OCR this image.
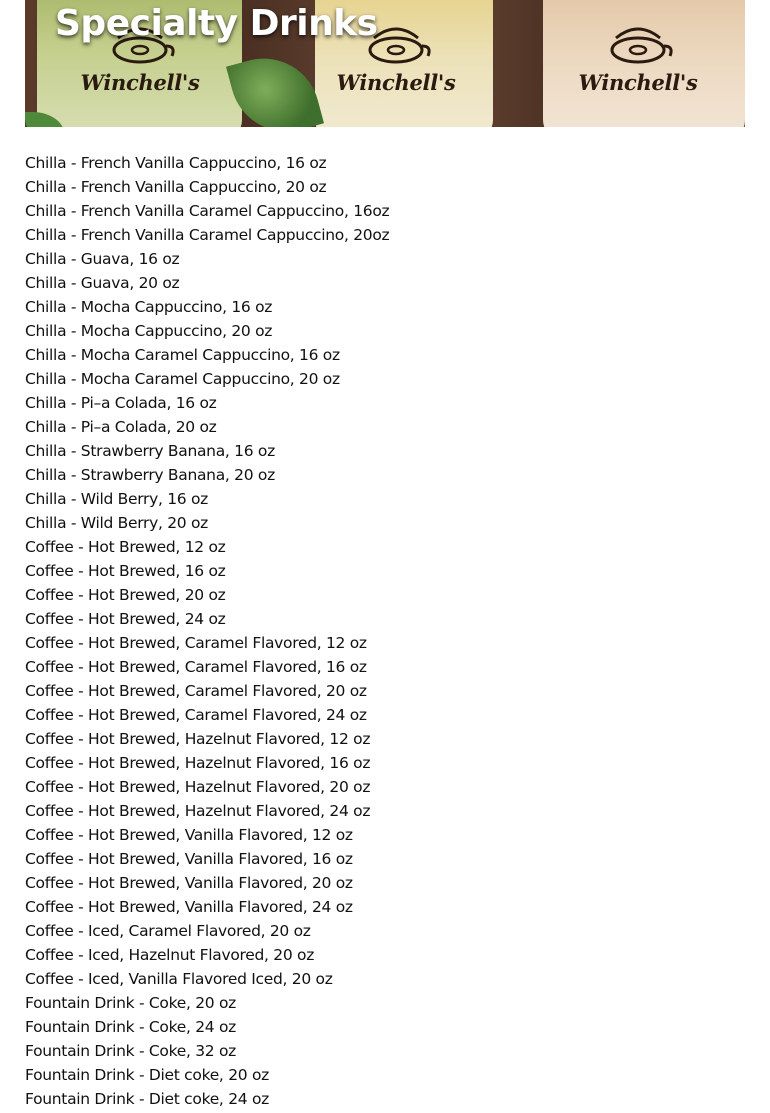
Winchell's	Winchell's	Winchell's
Specialty Drinks
Chilla - French Vanilla Cappuccino, 16 oz
Chilla - French Vanilla Cappuccino, 20 oz
Chilla - French Vanilla Caramel Cappuccino, 16oz
Chilla - French Vanilla Caramel Cappuccino, 20oz
Chilla - Guava, 16 oz
Chilla - Guava, 20 oz
Chilla - Mocha Cappuccino, 16 oz
Chilla - Mocha Cappuccino, 20 oz
Chilla - Mocha Caramel Cappuccino, 16 oz
Chilla - Mocha Caramel Cappuccino, 20 oz
Chilla - Pi–a Colada, 16 oz
Chilla - Pi–a Colada, 20 oz
Chilla - Strawberry Banana, 16 oz
Chilla - Strawberry Banana, 20 oz
Chilla - Wild Berry, 16 oz
Chilla - Wild Berry, 20 oz
Coffee - Hot Brewed, 12 oz
Coffee - Hot Brewed, 16 oz
Coffee - Hot Brewed, 20 oz
Coffee - Hot Brewed, 24 oz
Coffee - Hot Brewed, Caramel Flavored, 12 oz
Coffee - Hot Brewed, Caramel Flavored, 16 oz
Coffee - Hot Brewed, Caramel Flavored, 20 oz
Coffee - Hot Brewed, Caramel Flavored, 24 oz
Coffee - Hot Brewed, Hazelnut Flavored, 12 oz
Coffee - Hot Brewed, Hazelnut Flavored, 16 oz
Coffee - Hot Brewed, Hazelnut Flavored, 20 oz
Coffee - Hot Brewed, Hazelnut Flavored, 24 oz
Coffee - Hot Brewed, Vanilla Flavored, 12 oz
Coffee - Hot Brewed, Vanilla Flavored, 16 oz
Coffee - Hot Brewed, Vanilla Flavored, 20 oz
Coffee - Hot Brewed, Vanilla Flavored, 24 oz
Coffee - Iced, Caramel Flavored, 20 oz
Coffee - Iced, Hazelnut Flavored, 20 oz
Coffee - Iced, Vanilla Flavored Iced, 20 oz
Fountain Drink - Coke, 20 oz
Fountain Drink - Coke, 24 oz
Fountain Drink - Coke, 32 oz
Fountain Drink - Diet coke, 20 oz
Fountain Drink - Diet coke, 24 oz
